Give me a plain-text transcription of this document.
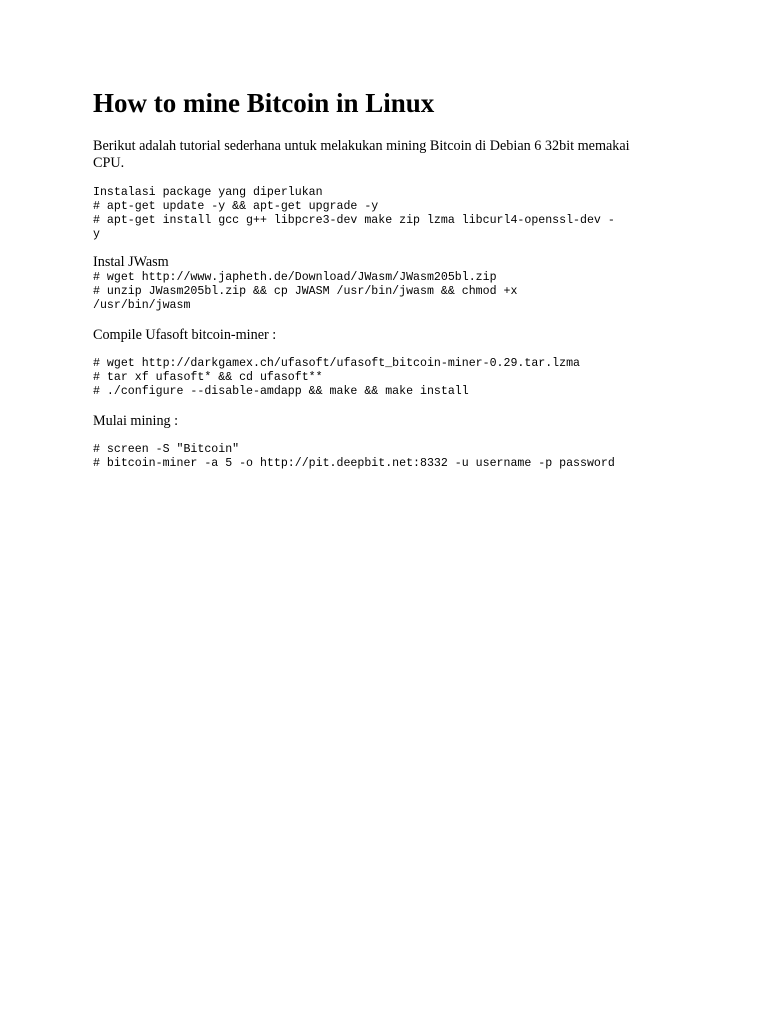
How to mine Bitcoin in Linux

Berikut adalah tutorial sederhana untuk melakukan mining Bitcoin di Debian 6 32bit memakai CPU.

Instalasi package yang diperlukan
# apt-get update -y && apt-get upgrade -y
# apt-get install gcc g++ libpcre3-dev make zip lzma libcurl4-openssl-dev -
y
Instal JWasm
# wget http://www.japheth.de/Download/JWasm/JWasm205bl.zip
# unzip JWasm205bl.zip && cp JWASM /usr/bin/jwasm && chmod +x
/usr/bin/jwasm
Compile Ufasoft bitcoin-miner :
# wget http://darkgamex.ch/ufasoft/ufasoft_bitcoin-miner-0.29.tar.lzma
# tar xf ufasoft* && cd ufasoft**
# ./configure --disable-amdapp && make && make install
Mulai mining :
# screen -S "Bitcoin"
# bitcoin-miner -a 5 -o http://pit.deepbit.net:8332 -u username -p password
